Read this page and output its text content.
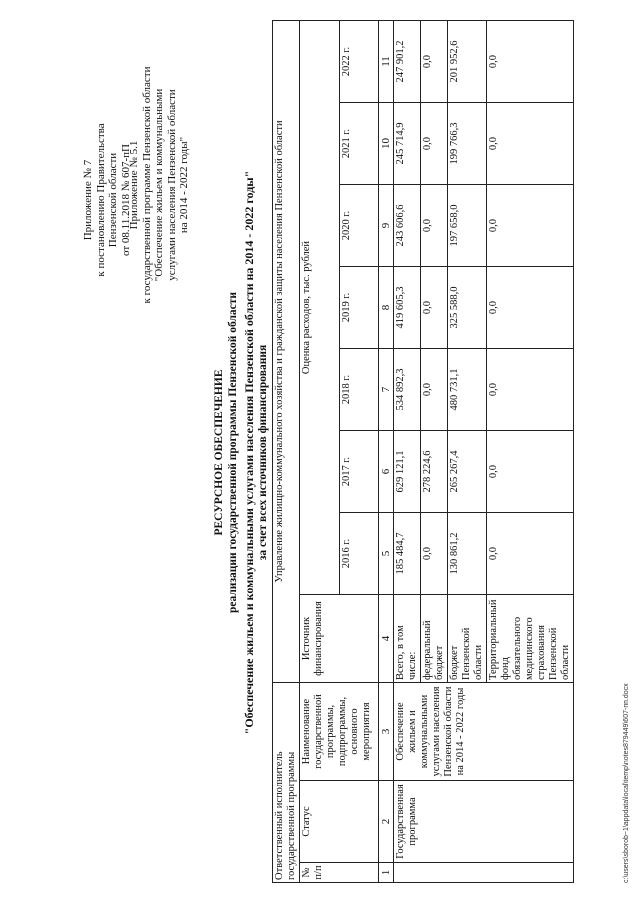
Приложение № 7 к постановлению Правительства Пензенской области от 08.11.2018 № 607-пП
Приложение № 5.1 к государственной программе Пензенской области "Обеспечение жильем и коммунальными услугами населения Пензенской области на 2014 - 2022 годы"
РЕСУРСНОЕ ОБЕСПЕЧЕНИЕ реализации государственной программы Пензенской области "Обеспечение жильем и коммунальными услугами населения Пензенской области на 2014 - 2022 годы" за счет всех источников финансирования
Ответственный исполнитель государственной программы			Управление жилищно-коммунального хозяйства и гражданской защиты населения Пензенской области							
№ п/п	Статус	Наименование государственной программы, подпрограммы, основного мероприятия	Источник финансирования	Оценка расходов, тыс. рублей						
				2016 г.	2017 г.	2018 г.	2019 г.	2020 г.	2021 г.	2022 г.
1	2	3	4	5	6	7	8	9	10	11
	Государственная программа	Обеспечение жильем и коммунальными услугами населения Пензенской области на 2014 - 2022 годы	Всего, в том числе:	185 484,7	629 121,1	534 892,3	419 605,3	243 606,6	245 714,9	247 901,2
			федеральный бюджет	0,0	278 224,6	0,0	0,0	0,0	0,0	0,0
			бюджет Пензенской области	130 861,2	265 267,4	480 731,1	325 588,0	197 658,0	199 766,3	201 952,6
			Территориальный фонд обязательного медицинского страхования Пензенской области	0,0	0,0	0,0	0,0	0,0	0,0	0,0
c:\users\sborob~1\appdata\local\temp\notes879449\607-пп.docx
